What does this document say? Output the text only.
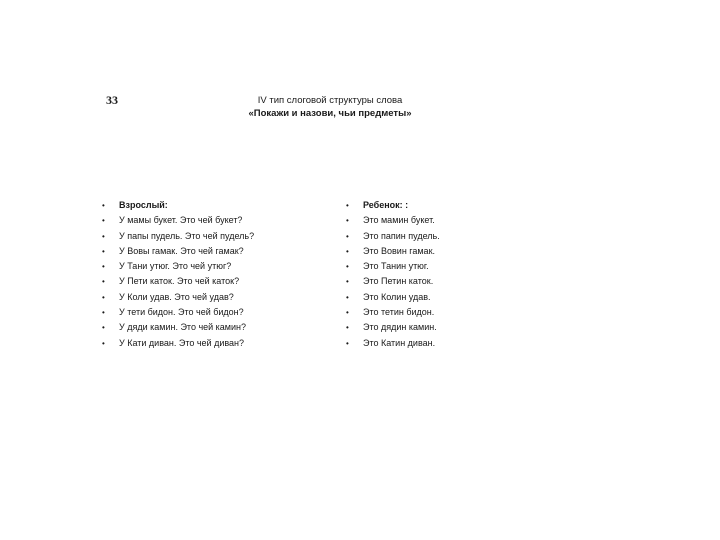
33	IV тип слоговой структуры слова
«Покажи и назови, чьи предметы»
• Взрослый:
• У мамы букет. Это чей букет?
• У папы пудель. Это чей пудель?
• У Вовы гамак. Это чей гамак?
• У Тани утюг. Это чей утюг?
• У Пети каток. Это чей каток?
• У Коли удав. Это чей удав?
• У тети бидон. Это чей бидон?
• У дяди камин. Это чей камин?
• У Кати диван. Это чей диван?
• Ребенок: :
• Это мамин букет.
• Это папин пудель.
• Это Вовин гамак.
• Это Танин утюг.
• Это Петин каток.
• Это Колин удав.
• Это тетин бидон.
• Это дядин камин.
• Это Катин диван.
